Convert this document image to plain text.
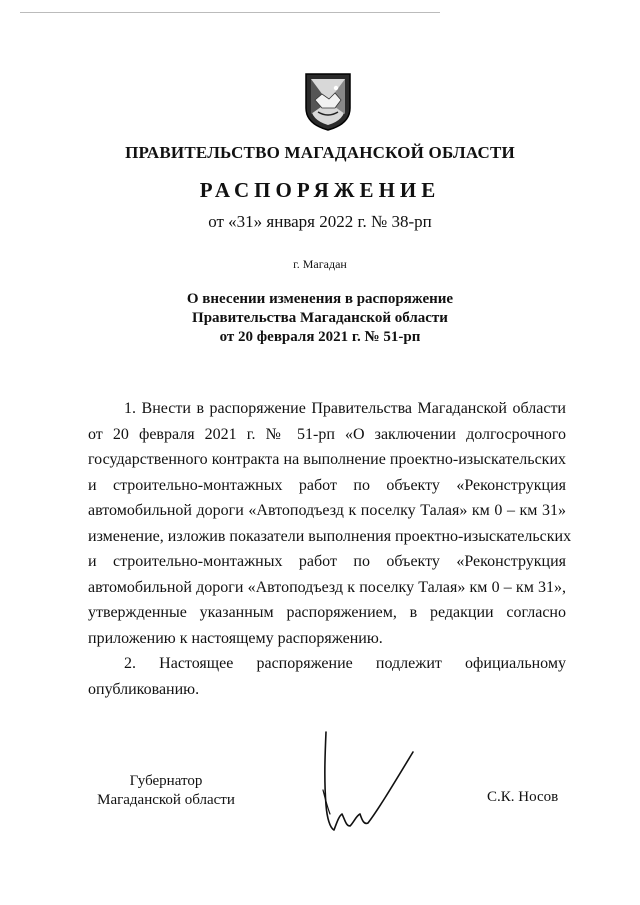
ПРАВИТЕЛЬСТВО МАГАДАНСКОЙ ОБЛАСТИ
РАСПОРЯЖЕНИЕ
от «31» января 2022 г. № 38-рп
г. Магадан
О внесении изменения в распоряжение
Правительства Магаданской области
от 20 февраля 2021 г. № 51-рп
1. Внести в распоряжение Правительства Магаданской области
от 20 февраля 2021 г. № 51-рп «О заключении долгосрочного
государственного контракта на выполнение проектно-изыскательских
и строительно-монтажных работ по объекту «Реконструкция
автомобильной дороги «Автоподъезд к поселку Талая» км 0 – км 31»
изменение, изложив показатели выполнения проектно-изыскательских
и строительно-монтажных работ по объекту «Реконструкция
автомобильной дороги «Автоподъезд к поселку Талая» км 0 – км 31»,
утвержденные указанным распоряжением, в редакции согласно
приложению к настоящему распоряжению.
2. Настоящее распоряжение подлежит официальному
опубликованию.
Губернатор
Магаданской области	С.К. Носов
